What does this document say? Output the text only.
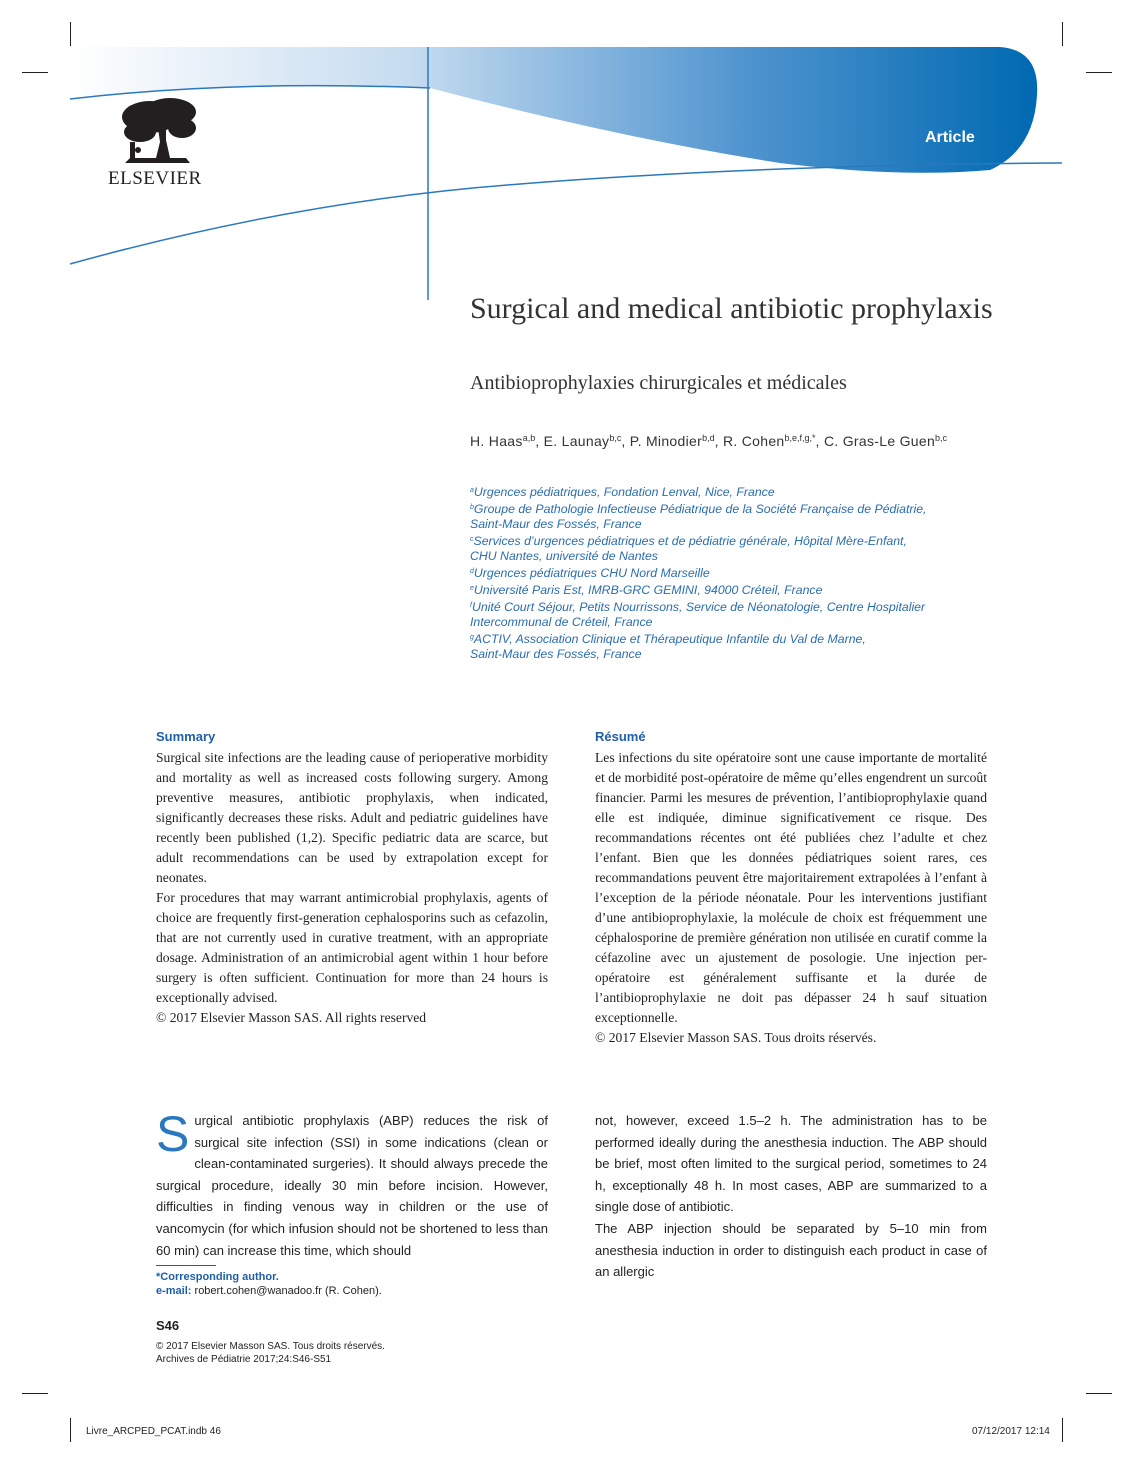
ELSEVIER
Article
Surgical and medical antibiotic prophylaxis
Antibioprophylaxies chirurgicales et médicales
H. Haas$^{a,b}$, E. Launay$^{b,c}$, P. Minodier$^{b,d}$, R. Cohen$^{b,e,f,g,*}$, C. Gras-Le Guen$^{b,c}$
$^a$Urgences pédiatriques, Fondation Lenval, Nice, France
$^b$Groupe de Pathologie Infectieuse Pédiatrique de la Société Française de Pédiatrie,
Saint-Maur des Fossés, France
$^c$Services d’urgences pédiatriques et de pédiatrie générale, Hôpital Mère-Enfant,
CHU Nantes, université de Nantes
$^d$Urgences pédiatriques CHU Nord Marseille
$^e$Université Paris Est, IMRB-GRC GEMINI, 94000 Créteil, France
$^f$Unité Court Séjour, Petits Nourrissons, Service de Néonatologie, Centre Hospitalier
Intercommunal de Créteil, France
$^g$ACTIV, Association Clinique et Thérapeutique Infantile du Val de Marne,
Saint-Maur des Fossés, France
Summary

Surgical site infections are the leading cause of perioperative morbidity and mortality as well as increased costs following surgery. Among preventive measures, antibiotic prophylaxis, when indicated, significantly decreases these risks. Adult and pediatric guidelines have recently been published (1,2). Specific pediatric data are scarce, but adult recommendations can be used by extrapolation except for neonates.

For procedures that may warrant antimicrobial prophylaxis, agents of choice are frequently first-generation cephalosporins such as cefazolin, that are not currently used in curative treatment, with an appropriate dosage. Administration of an antimicrobial agent within 1 hour before surgery is often sufficient. Continuation for more than 24 hours is exceptionally advised.

© 2017 Elsevier Masson SAS. All rights reserved

Résumé

Les infections du site opératoire sont une cause importante de mortalité et de morbidité post-opératoire de même qu’elles engendrent un surcoût financier. Parmi les mesures de prévention, l’antibioprophylaxie quand elle est indiquée, diminue significativement ce risque. Des recommandations récentes ont été publiées chez l’adulte et chez l’enfant. Bien que les données pédiatriques soient rares, ces recommandations peuvent être majoritairement extrapolées à l’enfant à l’exception de la période néonatale. Pour les interventions justifiant d’une antibioprophylaxie, la molécule de choix est fréquemment une céphalosporine de première génération non utilisée en curatif comme la céfazoline avec un ajustement de posologie. Une injection per-opératoire est généralement suffisante et la durée de l’antibioprophylaxie ne doit pas dépasser 24 h sauf situation exceptionnelle.

© 2017 Elsevier Masson SAS. Tous droits réservés.

Surgical antibiotic prophylaxis (ABP) reduces the risk of surgical site infection (SSI) in some indications (clean or clean-contaminated surgeries). It should always precede the surgical procedure, ideally 30 min before incision. However, difficulties in finding venous way in children or the use of vancomycin (for which infusion should not be shortened to less than 60 min) can increase this time, which should

not, however, exceed 1.5–2 h. The administration has to be performed ideally during the anesthesia induction. The ABP should be brief, most often limited to the surgical period, sometimes to 24 h, exceptionally 48 h. In most cases, ABP are summarized to a single dose of antibiotic.

The ABP injection should be separated by 5–10 min from anesthesia induction in order to distinguish each product in case of an allergic

*Corresponding author.
e-mail: robert.cohen@wanadoo.fr (R. Cohen).
S46
© 2017 Elsevier Masson SAS. Tous droits réservés.
Archives de Pédiatrie 2017;24:S46-S51
Livre_ARCPED_PCAT.indb 46	07/12/2017 12:14
